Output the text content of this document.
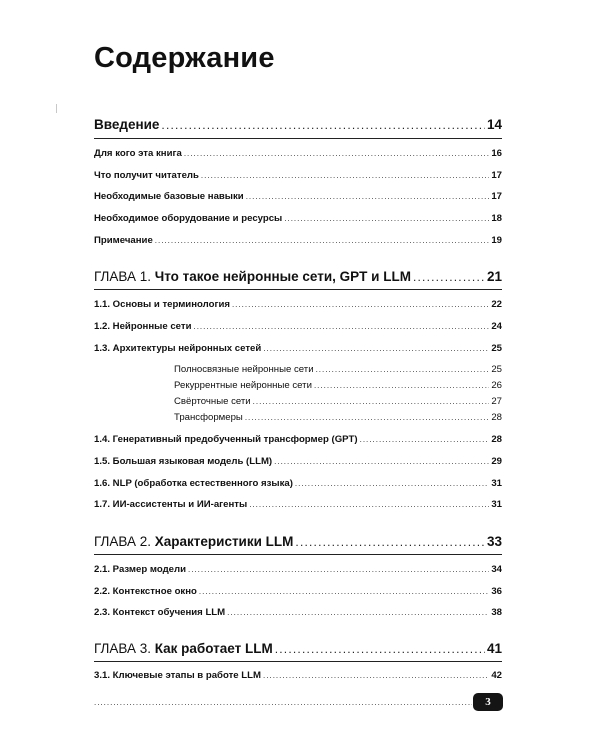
Содержание
Введение .....	14
Для кого эта книга .....	16
Что получит читатель .....	17
Необходимые базовые навыки .....	17
Необходимое оборудование и ресурсы .....	18
Примечание .....	19
ГЛАВА 1. Что такое нейронные сети, GPT и LLM .....	21
1.1. Основы и терминология .....	22
1.2. Нейронные сети .....	24
1.3. Архитектуры нейронных сетей .....	25
Полносвязные нейронные сети .....	25
Рекуррентные нейронные сети .....	26
Свёрточные сети .....	27
Трансформеры .....	28
1.4. Генеративный предобученный трансформер (GPT) .....	28
1.5. Большая языковая модель (LLM) .....	29
1.6. NLP (обработка естественного языка) .....	31
1.7. ИИ-ассистенты и ИИ-агенты .....	31
ГЛАВА 2. Характеристики LLM .....	33
2.1. Размер модели .....	34
2.2. Контекстное окно .....	36
2.3. Контекст обучения LLM .....	38
ГЛАВА 3. Как работает LLM .....	41
3.1. Ключевые этапы в работе LLM .....	42
.....
3
